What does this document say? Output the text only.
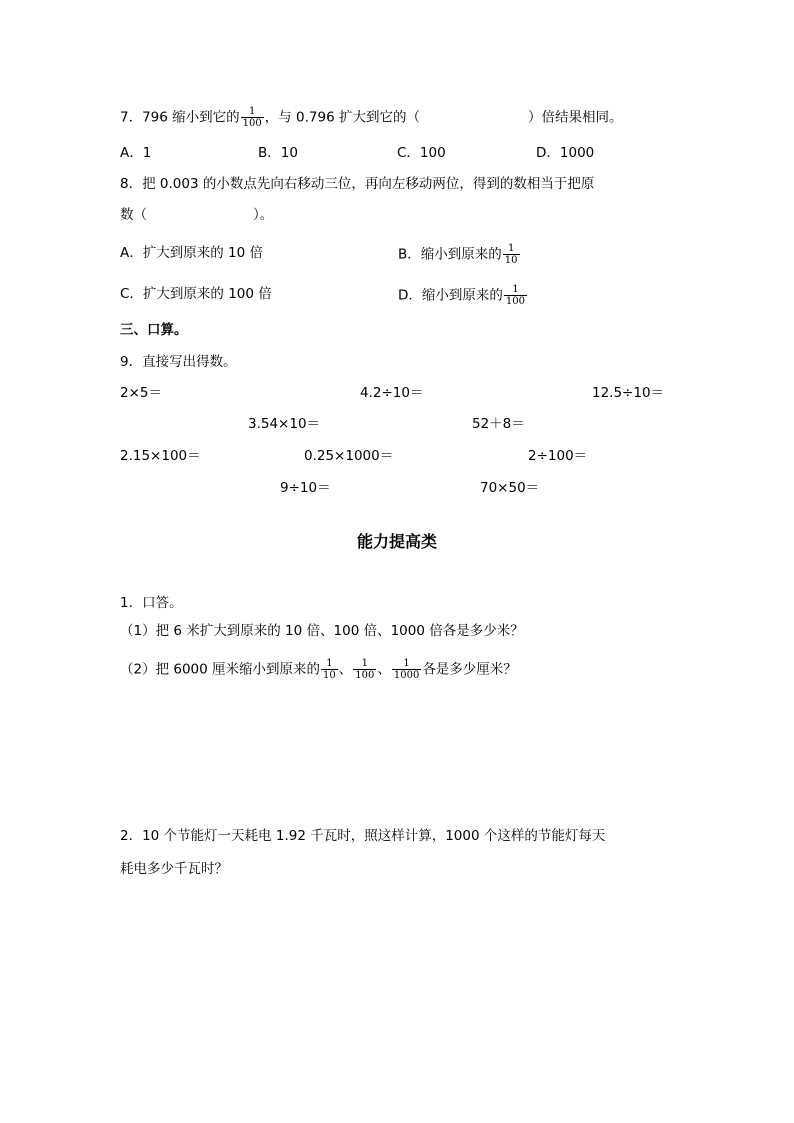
7．796 缩小到它的 $\frac{1}{100}$ ，与 0.796 扩大到它的（	）倍结果相同。
A．1	B．10	C．100	D．1000
8．把 0.003 的小数点先向右移动三位，再向左移动两位，得到的数相当于把原
数（	）。
A．扩大到原来的 10 倍	B．缩小到原来的 $\frac{1}{10}$
C．扩大到原来的 100 倍	D．缩小到原来的 $\frac{1}{100}$
三、口算。
9．直接写出得数。
2×5＝	4.2÷10＝	12.5÷10＝
3.54×10＝	52＋8＝
2.15×100＝	0.25×1000＝	2÷100＝
9÷10＝	70×50＝
能力提高类
1．口答。
（1）把 6 米扩大到原来的 10 倍、100 倍、1000 倍各是多少米？
（2）把 6000 厘米缩小到原来的 $\frac{1}{10}$ 、 $\frac{1}{100}$ 、 $\frac{1}{1000}$ 各是多少厘米？
2．10 个节能灯一天耗电 1.92 千瓦时，照这样计算，1000 个这样的节能灯每天
耗电多少千瓦时？
